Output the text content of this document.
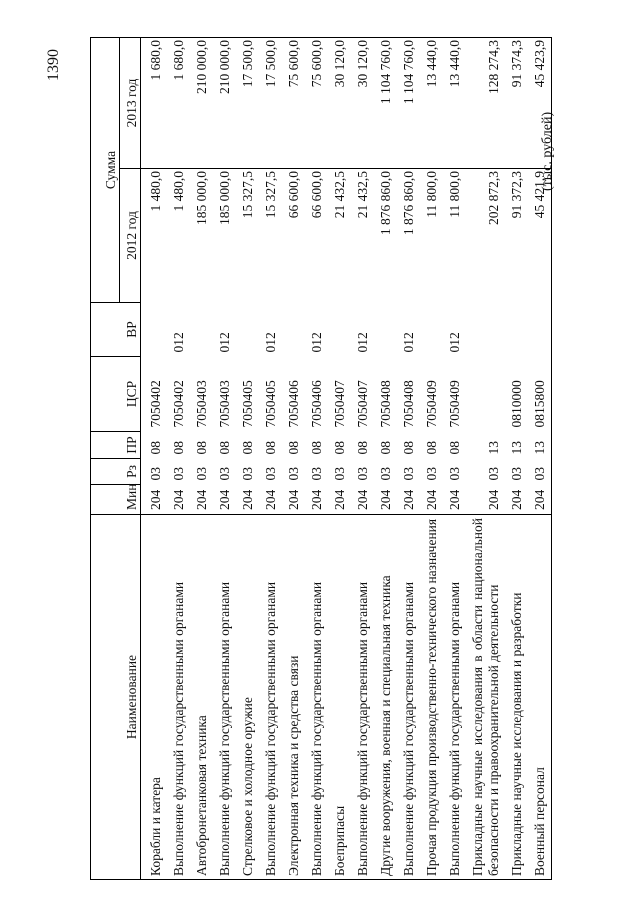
1390
(тыс. рублей)
Наименование	Мин	Рз	ПР	ЦСР	ВР	Сумма	
						2012 год	2013 год
Корабли и катера	204	03	08	7050402		1 480,0	1 680,0
Выполнение функций государственными органами	204	03	08	7050402	012	1 480,0	1 680,0
Автобронетанковая техника	204	03	08	7050403		185 000,0	210 000,0
Выполнение функций государственными органами	204	03	08	7050403	012	185 000,0	210 000,0
Стрелковое и холодное оружие	204	03	08	7050405		15 327,5	17 500,0
Выполнение функций государственными органами	204	03	08	7050405	012	15 327,5	17 500,0
Электронная техника и средства связи	204	03	08	7050406		66 600,0	75 600,0
Выполнение функций государственными органами	204	03	08	7050406	012	66 600,0	75 600,0
Боеприпасы	204	03	08	7050407		21 432,5	30 120,0
Выполнение функций государственными органами	204	03	08	7050407	012	21 432,5	30 120,0
Другие вооружения, военная и специальная техника	204	03	08	7050408		1 876 860,0	1 104 760,0
Выполнение функций государственными органами	204	03	08	7050408	012	1 876 860,0	1 104 760,0
Прочая продукция производственно-технического назначения	204	03	08	7050409		11 800,0	13 440,0
Выполнение функций государственными органами	204	03	08	7050409	012	11 800,0	13 440,0
Прикладные научные исследования в области национальной безопасности и правоохранительной деятельности	204	03	13			202 872,3	128 274,3
Прикладные научные исследования и разработки	204	03	13	0810000		91 372,3	91 374,3
Военный персонал	204	03	13	0815800		45 421,9	45 423,9
